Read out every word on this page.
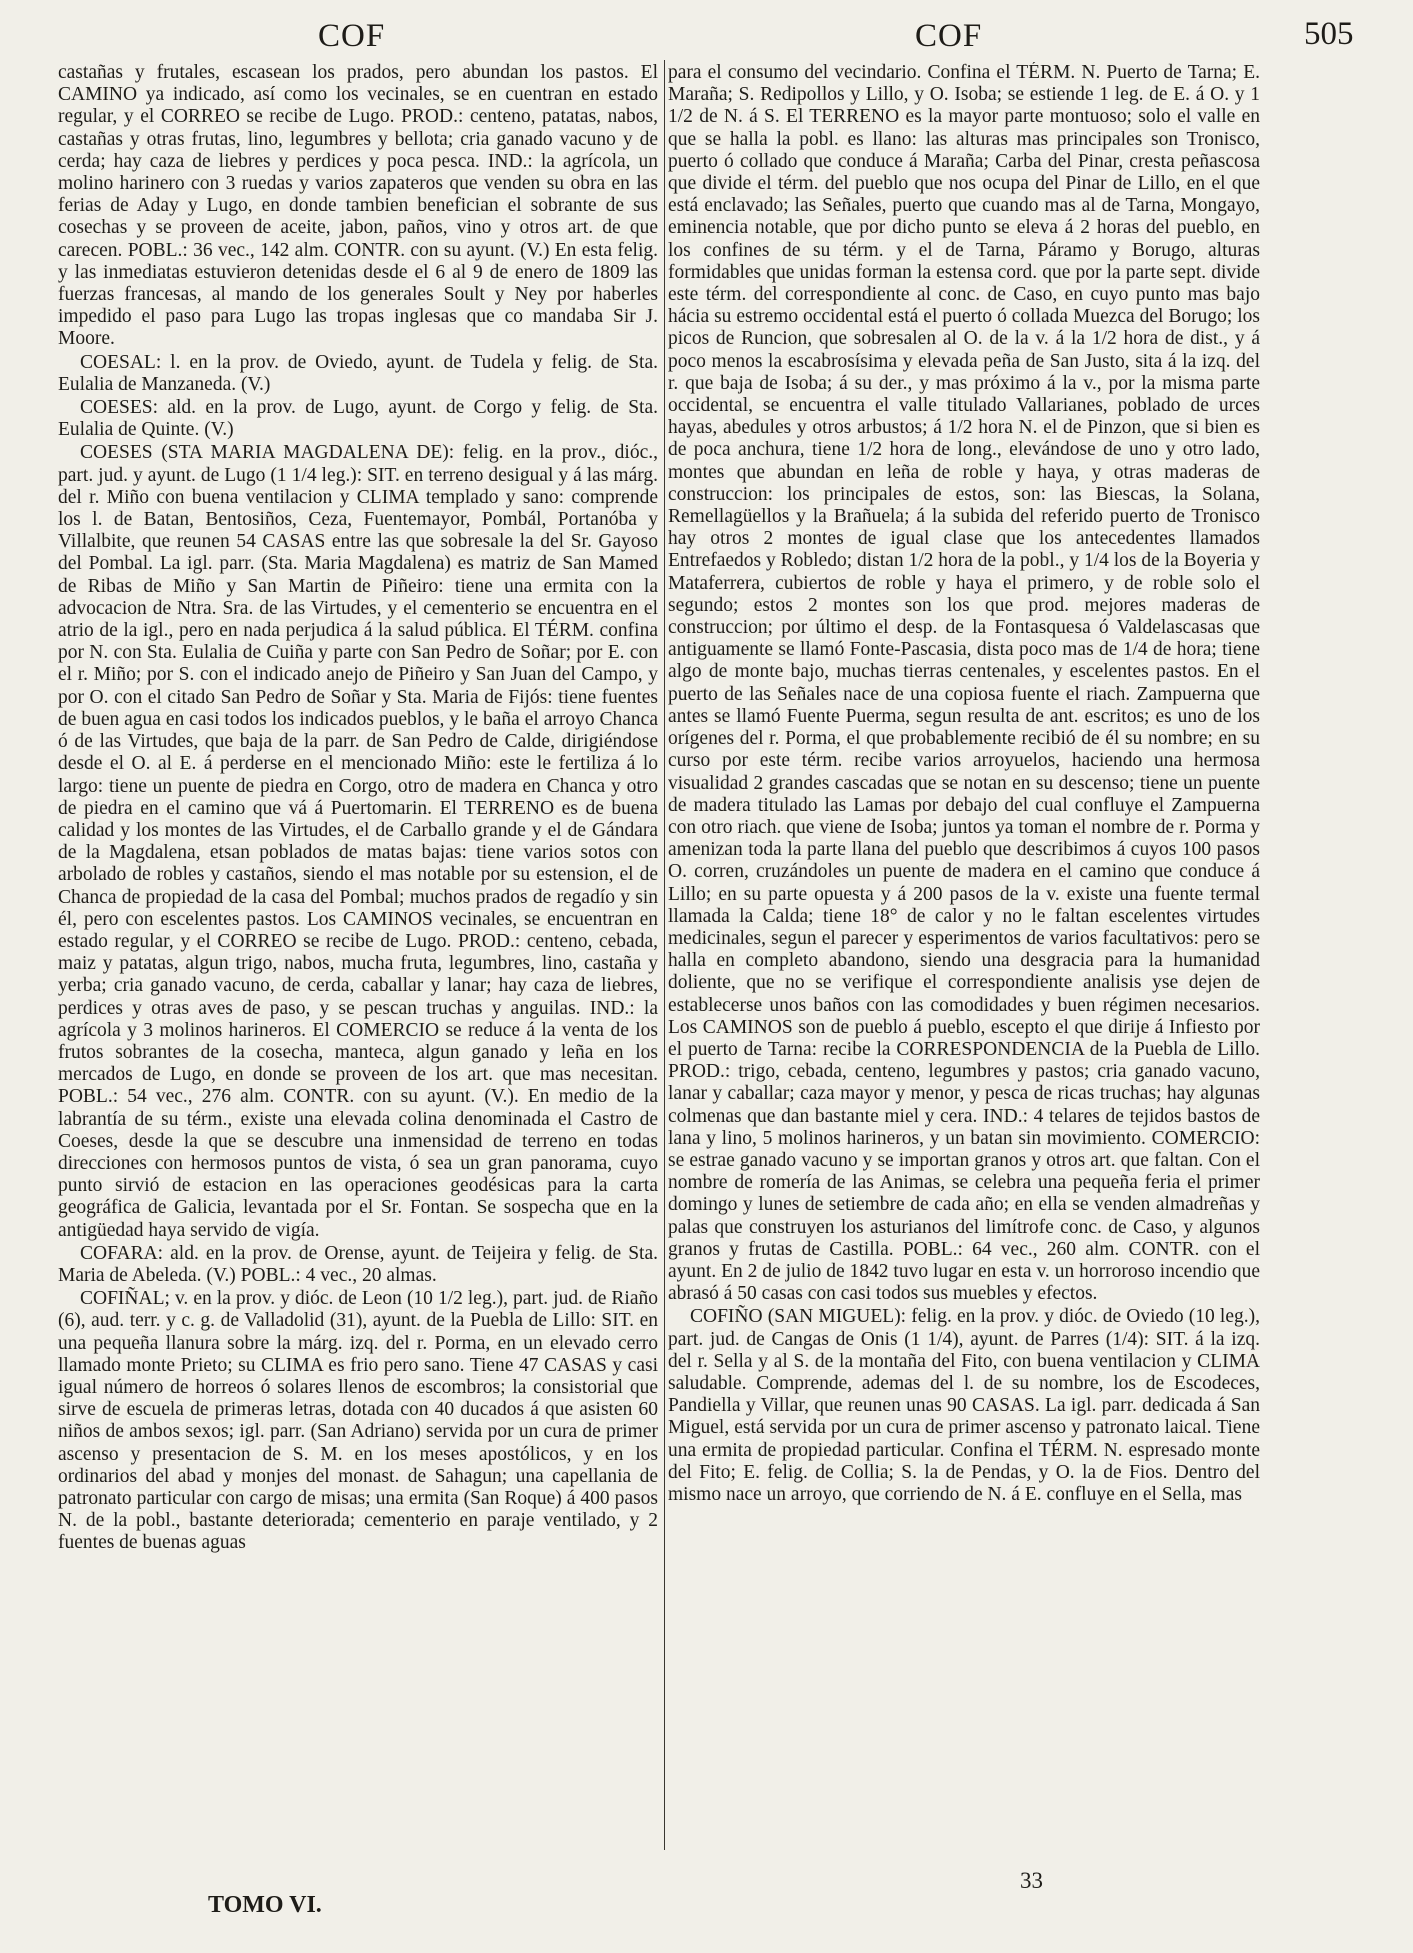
COF	COF	505

castañas y frutales, escasean los prados, pero abundan los pastos. El CAMINO ya indicado, así como los vecinales, se en cuentran en estado regular, y el CORREO se recibe de Lugo. PROD.: centeno, patatas, nabos, castañas y otras frutas, lino, legumbres y bellota; cria ganado vacuno y de cerda; hay caza de liebres y perdices y poca pesca. IND.: la agrícola, un molino harinero con 3 ruedas y varios zapateros que venden su obra en las ferias de Aday y Lugo, en donde tambien benefician el sobrante de sus cosechas y se proveen de aceite, jabon, paños, vino y otros art. de que carecen. POBL.: 36 vec., 142 alm. CONTR. con su ayunt. (V.) En esta felig. y las inmediatas estuvieron detenidas desde el 6 al 9 de enero de 1809 las fuerzas francesas, al mando de los generales Soult y Ney por haberles impedido el paso para Lugo las tropas inglesas que co mandaba Sir J. Moore.

COESAL: l. en la prov. de Oviedo, ayunt. de Tudela y felig. de Sta. Eulalia de Manzaneda. (V.)

COESES: ald. en la prov. de Lugo, ayunt. de Corgo y felig. de Sta. Eulalia de Quinte. (V.)

COESES (STA MARIA MAGDALENA DE): felig. en la prov., dióc., part. jud. y ayunt. de Lugo (1 1/4 leg.): SIT. en terreno desigual y á las márg. del r. Miño con buena ventilacion y CLIMA templado y sano: comprende los l. de Batan, Bentosiños, Ceza, Fuentemayor, Pombál, Portanóba y Villalbite, que reunen 54 CASAS entre las que sobresale la del Sr. Gayoso del Pombal. La igl. parr. (Sta. Maria Magdalena) es matriz de San Mamed de Ribas de Miño y San Martin de Piñeiro: tiene una ermita con la advocacion de Ntra. Sra. de las Virtudes, y el cementerio se encuentra en el atrio de la igl., pero en nada perjudica á la salud pública. El TÉRM. confina por N. con Sta. Eulalia de Cuiña y parte con San Pedro de Soñar; por E. con el r. Miño; por S. con el indicado anejo de Piñeiro y San Juan del Campo, y por O. con el citado San Pedro de Soñar y Sta. Maria de Fijós: tiene fuentes de buen agua en casi todos los indicados pueblos, y le baña el arroyo Chanca ó de las Virtudes, que baja de la parr. de San Pedro de Calde, dirigiéndose desde el O. al E. á perderse en el mencionado Miño: este le fertiliza á lo largo: tiene un puente de piedra en Corgo, otro de madera en Chanca y otro de piedra en el camino que vá á Puertomarin. El TERRENO es de buena calidad y los montes de las Virtudes, el de Carballo grande y el de Gándara de la Magdalena, etsan poblados de matas bajas: tiene varios sotos con arbolado de robles y castaños, siendo el mas notable por su estension, el de Chanca de propiedad de la casa del Pombal; muchos prados de regadío y sin él, pero con escelentes pastos. Los CAMINOS vecinales, se encuentran en estado regular, y el CORREO se recibe de Lugo. PROD.: centeno, cebada, maiz y patatas, algun trigo, nabos, mucha fruta, legumbres, lino, castaña y yerba; cria ganado vacuno, de cerda, caballar y lanar; hay caza de liebres, perdices y otras aves de paso, y se pescan truchas y anguilas. IND.: la agrícola y 3 molinos harineros. El COMERCIO se reduce á la venta de los frutos sobrantes de la cosecha, manteca, algun ganado y leña en los mercados de Lugo, en donde se proveen de los art. que mas necesitan. POBL.: 54 vec., 276 alm. CONTR. con su ayunt. (V.). En medio de la labrantía de su térm., existe una elevada colina denominada el Castro de Coeses, desde la que se descubre una inmensidad de terreno en todas direcciones con hermosos puntos de vista, ó sea un gran panorama, cuyo punto sirvió de estacion en las operaciones geodésicas para la carta geográfica de Galicia, levantada por el Sr. Fontan. Se sospecha que en la antigüedad haya servido de vigía.

COFARA: ald. en la prov. de Orense, ayunt. de Teijeira y felig. de Sta. Maria de Abeleda. (V.) POBL.: 4 vec., 20 almas.

COFIÑAL; v. en la prov. y dióc. de Leon (10 1/2 leg.), part. jud. de Riaño (6), aud. terr. y c. g. de Valladolid (31), ayunt. de la Puebla de Lillo: SIT. en una pequeña llanura sobre la márg. izq. del r. Porma, en un elevado cerro llamado monte Prieto; su CLIMA es frio pero sano. Tiene 47 CASAS y casi igual número de horreos ó solares llenos de escombros; la consistorial que sirve de escuela de primeras letras, dotada con 40 ducados á que asisten 60 niños de ambos sexos; igl. parr. (San Adriano) servida por un cura de primer ascenso y presentacion de S. M. en los meses apostólicos, y en los ordinarios del abad y monjes del monast. de Sahagun; una capellania de patronato particular con cargo de misas; una ermita (San Roque) á 400 pasos N. de la pobl., bastante deteriorada; cementerio en paraje ventilado, y 2 fuentes de buenas aguas

para el consumo del vecindario. Confina el TÉRM. N. Puerto de Tarna; E. Maraña; S. Redipollos y Lillo, y O. Isoba; se estiende 1 leg. de E. á O. y 1 1/2 de N. á S. El TERRENO es la mayor parte montuoso; solo el valle en que se halla la pobl. es llano: las alturas mas principales son Tronisco, puerto ó collado que conduce á Maraña; Carba del Pinar, cresta peñascosa que divide el térm. del pueblo que nos ocupa del Pinar de Lillo, en el que está enclavado; las Señales, puerto que cuando mas al de Tarna, Mongayo, eminencia notable, que por dicho punto se eleva á 2 horas del pueblo, en los confines de su térm. y el de Tarna, Páramo y Borugo, alturas formidables que unidas forman la estensa cord. que por la parte sept. divide este térm. del correspondiente al conc. de Caso, en cuyo punto mas bajo hácia su estremo occidental está el puerto ó collada Muezca del Borugo; los picos de Runcion, que sobresalen al O. de la v. á la 1/2 hora de dist., y á poco menos la escabrosísima y elevada peña de San Justo, sita á la izq. del r. que baja de Isoba; á su der., y mas próximo á la v., por la misma parte occidental, se encuentra el valle titulado Vallarianes, poblado de urces hayas, abedules y otros arbustos; á 1/2 hora N. el de Pinzon, que si bien es de poca anchura, tiene 1/2 hora de long., elevándose de uno y otro lado, montes que abundan en leña de roble y haya, y otras maderas de construccion: los principales de estos, son: las Biescas, la Solana, Remellagüellos y la Brañuela; á la subida del referido puerto de Tronisco hay otros 2 montes de igual clase que los antecedentes llamados Entrefaedos y Robledo; distan 1/2 hora de la pobl., y 1/4 los de la Boyeria y Mataferrera, cubiertos de roble y haya el primero, y de roble solo el segundo; estos 2 montes son los que prod. mejores maderas de construccion; por último el desp. de la Fontasquesa ó Valdelascasas que antiguamente se llamó Fonte-Pascasia, dista poco mas de 1/4 de hora; tiene algo de monte bajo, muchas tierras centenales, y escelentes pastos. En el puerto de las Señales nace de una copiosa fuente el riach. Zampuerna que antes se llamó Fuente Puerma, segun resulta de ant. escritos; es uno de los orígenes del r. Porma, el que probablemente recibió de él su nombre; en su curso por este térm. recibe varios arroyuelos, haciendo una hermosa visualidad 2 grandes cascadas que se notan en su descenso; tiene un puente de madera titulado las Lamas por debajo del cual confluye el Zampuerna con otro riach. que viene de Isoba; juntos ya toman el nombre de r. Porma y amenizan toda la parte llana del pueblo que describimos á cuyos 100 pasos O. corren, cruzándoles un puente de madera en el camino que conduce á Lillo; en su parte opuesta y á 200 pasos de la v. existe una fuente termal llamada la Calda; tiene 18° de calor y no le faltan escelentes virtudes medicinales, segun el parecer y esperimentos de varios facultativos: pero se halla en completo abandono, siendo una desgracia para la humanidad doliente, que no se verifique el correspondiente analisis yse dejen de establecerse unos baños con las comodidades y buen régimen necesarios. Los CAMINOS son de pueblo á pueblo, escepto el que dirije á Infiesto por el puerto de Tarna: recibe la CORRESPONDENCIA de la Puebla de Lillo. PROD.: trigo, cebada, centeno, legumbres y pastos; cria ganado vacuno, lanar y caballar; caza mayor y menor, y pesca de ricas truchas; hay algunas colmenas que dan bastante miel y cera. IND.: 4 telares de tejidos bastos de lana y lino, 5 molinos harineros, y un batan sin movimiento. COMERCIO: se estrae ganado vacuno y se importan granos y otros art. que faltan. Con el nombre de romería de las Animas, se celebra una pequeña feria el primer domingo y lunes de setiembre de cada año; en ella se venden almadreñas y palas que construyen los asturianos del limítrofe conc. de Caso, y algunos granos y frutas de Castilla. POBL.: 64 vec., 260 alm. CONTR. con el ayunt. En 2 de julio de 1842 tuvo lugar en esta v. un horroroso incendio que abrasó á 50 casas con casi todos sus muebles y efectos.

COFIÑO (SAN MIGUEL): felig. en la prov. y dióc. de Oviedo (10 leg.), part. jud. de Cangas de Onis (1 1/4), ayunt. de Parres (1/4): SIT. á la izq. del r. Sella y al S. de la montaña del Fito, con buena ventilacion y CLIMA saludable. Comprende, ademas del l. de su nombre, los de Escodeces, Pandiella y Villar, que reunen unas 90 CASAS. La igl. parr. dedicada á San Miguel, está servida por un cura de primer ascenso y patronato laical. Tiene una ermita de propiedad particular. Confina el TÉRM. N. espresado monte del Fito; E. felig. de Collia; S. la de Pendas, y O. la de Fios. Dentro del mismo nace un arroyo, que corriendo de N. á E. confluye en el Sella, mas

33
TOMO VI.
